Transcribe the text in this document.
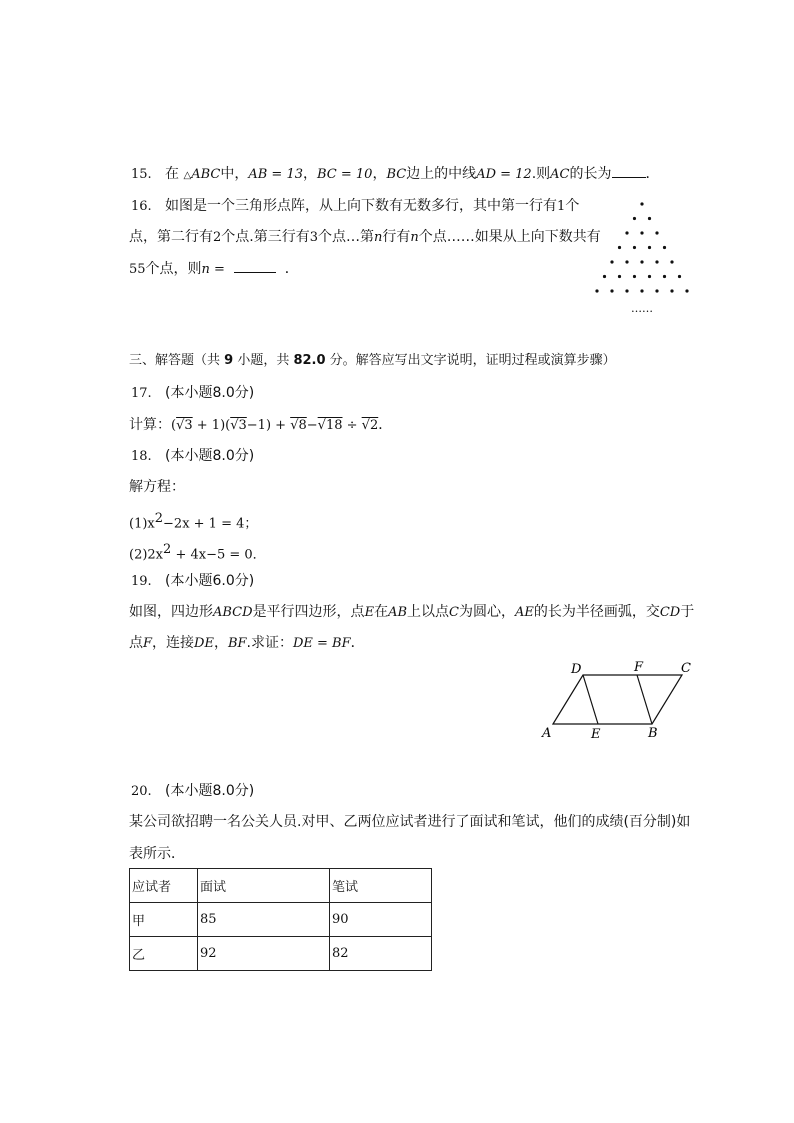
15. 在 △ABC中，AB = 13，BC = 10，BC边上的中线AD = 12.则AC的长为 ．
16. 如图是一个三角形点阵，从上向下数有无数多行，其中第一行有1个
点，第二行有2个点.第三行有3个点…第n行有n个点……如果从上向下数共有
55个点，则n =	．
……
三、解答题（共 9 小题，共 82.0 分。解答应写出文字说明，证明过程或演算步骤）
17. (本小题8.0分)
计算：(√3 + 1)(√3−1) + √8−√18 ÷ √2．
18. (本小题8.0分)
解方程：
$(1)x^2-2x + 1 = 4$；
$(2)2x^2 + 4x-5 = 0$．
19. (本小题6.0分)
如图，四边形ABCD是平行四边形，点E在AB上以点C为圆心，AE的长为半径画弧，交CD于
点F，连接DE，BF.求证：DE = BF．
D	F	C
A	E	B
20. (本小题8.0分)
某公司欲招聘一名公关人员.对甲、乙两位应试者进行了面试和笔试，他们的成绩(百分制)如
表所示．
应试者	面试	笔试
甲	85	90
乙	92	82
